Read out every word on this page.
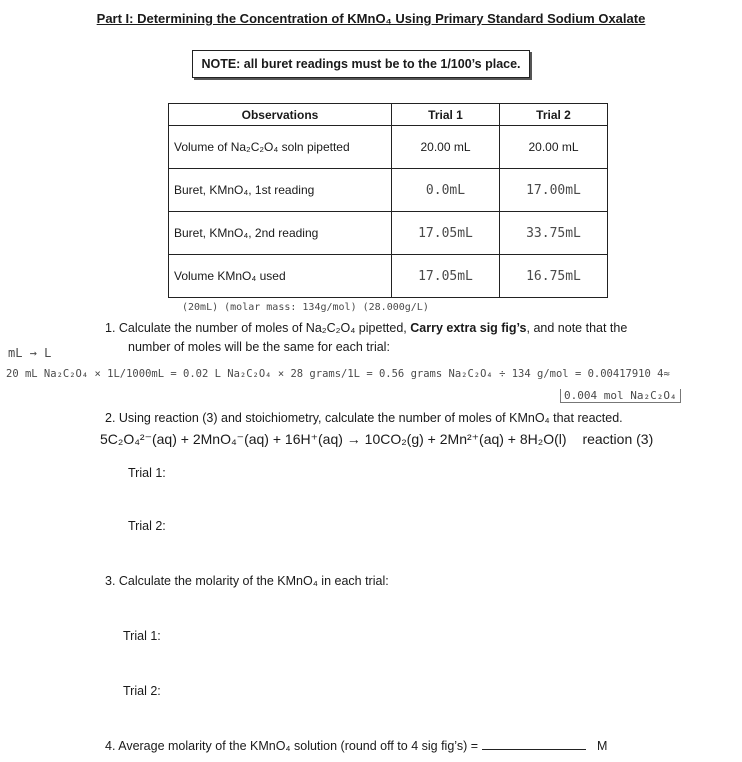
Part I: Determining the Concentration of KMnO₄ Using Primary Standard Sodium Oxalate
NOTE: all buret readings must be to the 1/100’s place.
Observations	Trial 1	Trial 2
Volume of Na₂C₂O₄ soln pipetted	20.00 mL	20.00 mL
Buret, KMnO₄, 1st reading	0.0mL	17.00mL
Buret, KMnO₄, 2nd reading	17.05mL	33.75mL
Volume KMnO₄ used	17.05mL	16.75mL
(20mL) (molar mass: 134g/mol) (28.000g/L)
1. Calculate the number of moles of Na₂C₂O₄ pipetted, Carry extra sig fig’s, and note that the
number of moles will be the same for each trial:
mL → L
20 mL Na₂C₂O₄ × 1L/1000mL = 0.02 L Na₂C₂O₄ × 28 grams/1L = 0.56 grams Na₂C₂O₄ ÷ 134 g/mol = 0.00417910 4≈
0.004 mol Na₂C₂O₄
2. Using reaction (3) and stoichiometry, calculate the number of moles of KMnO₄ that reacted.
5C₂O₄²⁻(aq) + 2MnO₄⁻(aq) + 16H⁺(aq) → 10CO₂(g) + 2Mn²⁺(aq) + 8H₂O(l) reaction (3)
Trial 1:
Trial 2:
3. Calculate the molarity of the KMnO₄ in each trial:
Trial 1:
Trial 2:
4. Average molarity of the KMnO₄ solution (round off to 4 sig fig’s) =	M
